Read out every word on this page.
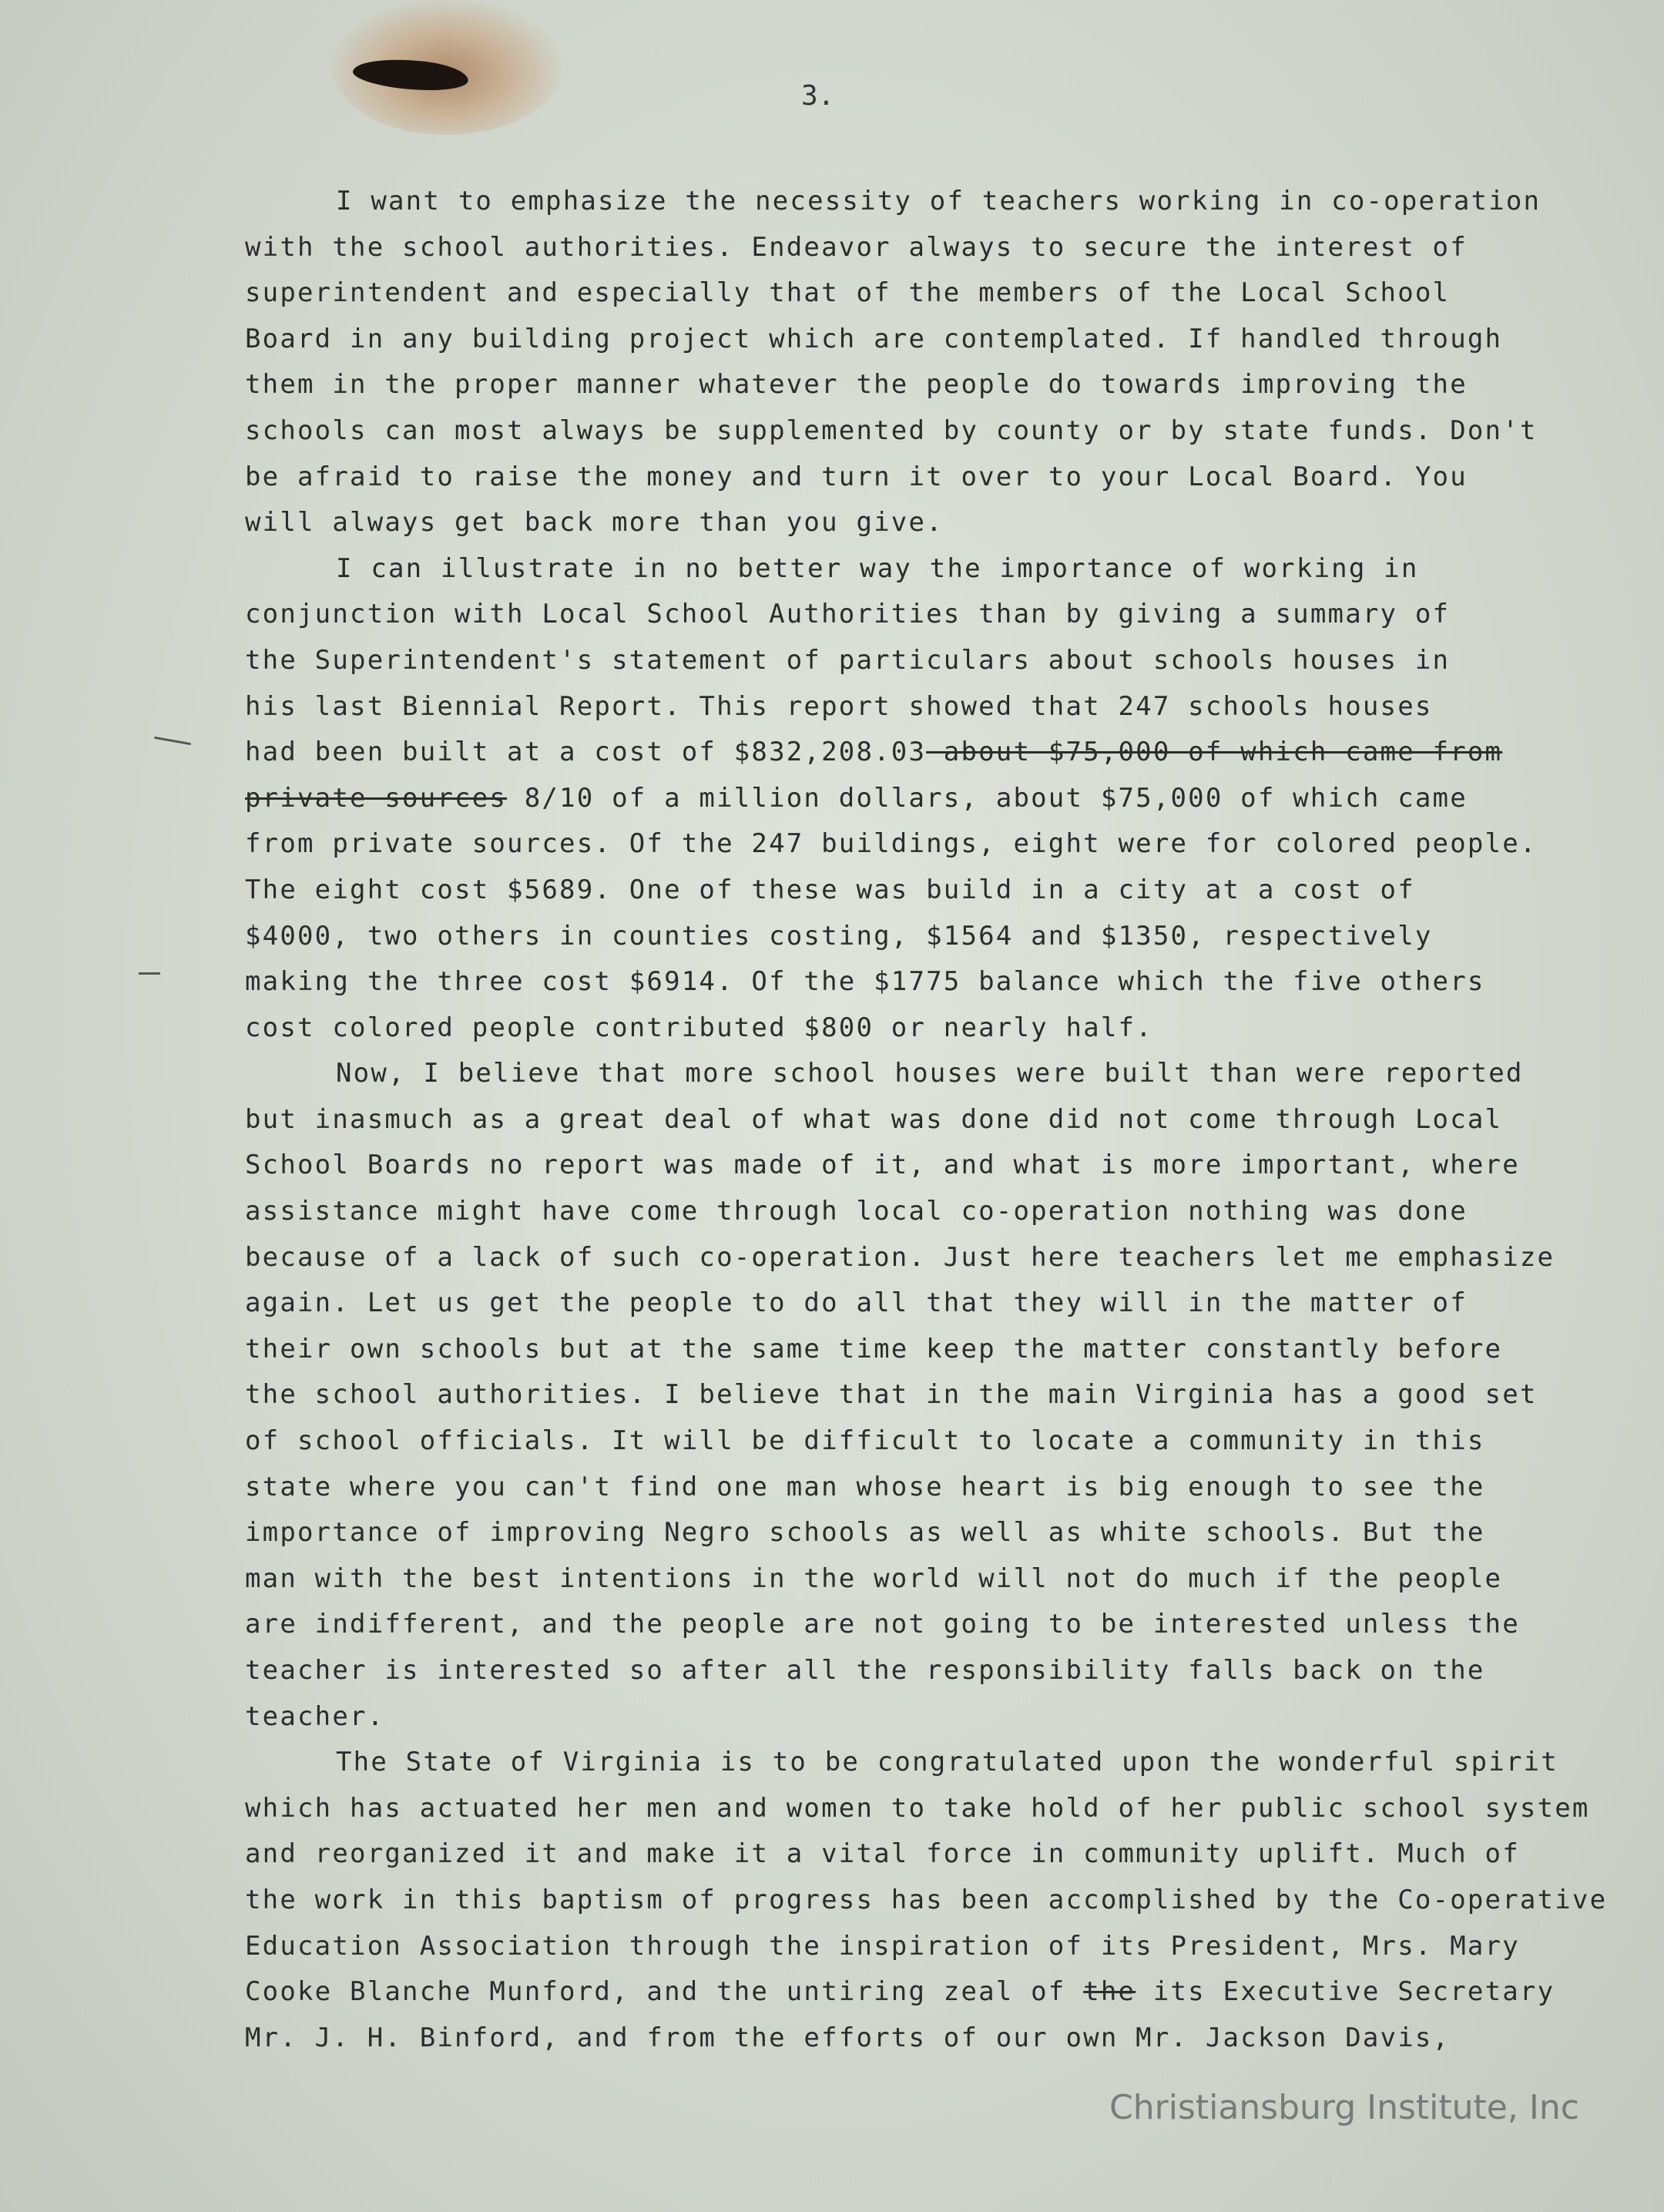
3.
I want to emphasize the necessity of teachers working in co-operation
with the school authorities. Endeavor always to secure the interest of
superintendent and especially that of the members of the Local School
Board in any building project which are contemplated. If handled through
them in the proper manner whatever the people do towards improving the
schools can most always be supplemented by county or by state funds. Don't
be afraid to raise the money and turn it over to your Local Board. You
will always get back more than you give.
I can illustrate in no better way the importance of working in
conjunction with Local School Authorities than by giving a summary of
the Superintendent's statement of particulars about schools houses in
his last Biennial Report. This report showed that 247 schools houses
had been built at a cost of $832,208.03 about $75,000 of which came from
private sources 8/10 of a million dollars, about $75,000 of which came
from private sources. Of the 247 buildings, eight were for colored people.
The eight cost $5689. One of these was build in a city at a cost of
$4000, two others in counties costing, $1564 and $1350, respectively
making the three cost $6914. Of the $1775 balance which the five others
cost colored people contributed $800 or nearly half.
Now, I believe that more school houses were built than were reported
but inasmuch as a great deal of what was done did not come through Local
School Boards no report was made of it, and what is more important, where
assistance might have come through local co-operation nothing was done
because of a lack of such co-operation. Just here teachers let me emphasize
again. Let us get the people to do all that they will in the matter of
their own schools but at the same time keep the matter constantly before
the school authorities. I believe that in the main Virginia has a good set
of school officials. It will be difficult to locate a community in this
state where you can't find one man whose heart is big enough to see the
importance of improving Negro schools as well as white schools. But the
man with the best intentions in the world will not do much if the people
are indifferent, and the people are not going to be interested unless the
teacher is interested so after all the responsibility falls back on the
teacher.
The State of Virginia is to be congratulated upon the wonderful spirit
which has actuated her men and women to take hold of her public school system
and reorganized it and make it a vital force in community uplift. Much of
the work in this baptism of progress has been accomplished by the Co-operative
Education Association through the inspiration of its President, Mrs. Mary
Cooke Blanche Munford, and the untiring zeal of the its Executive Secretary
Mr. J. H. Binford, and from the efforts of our own Mr. Jackson Davis,
Christiansburg Institute, Inc
